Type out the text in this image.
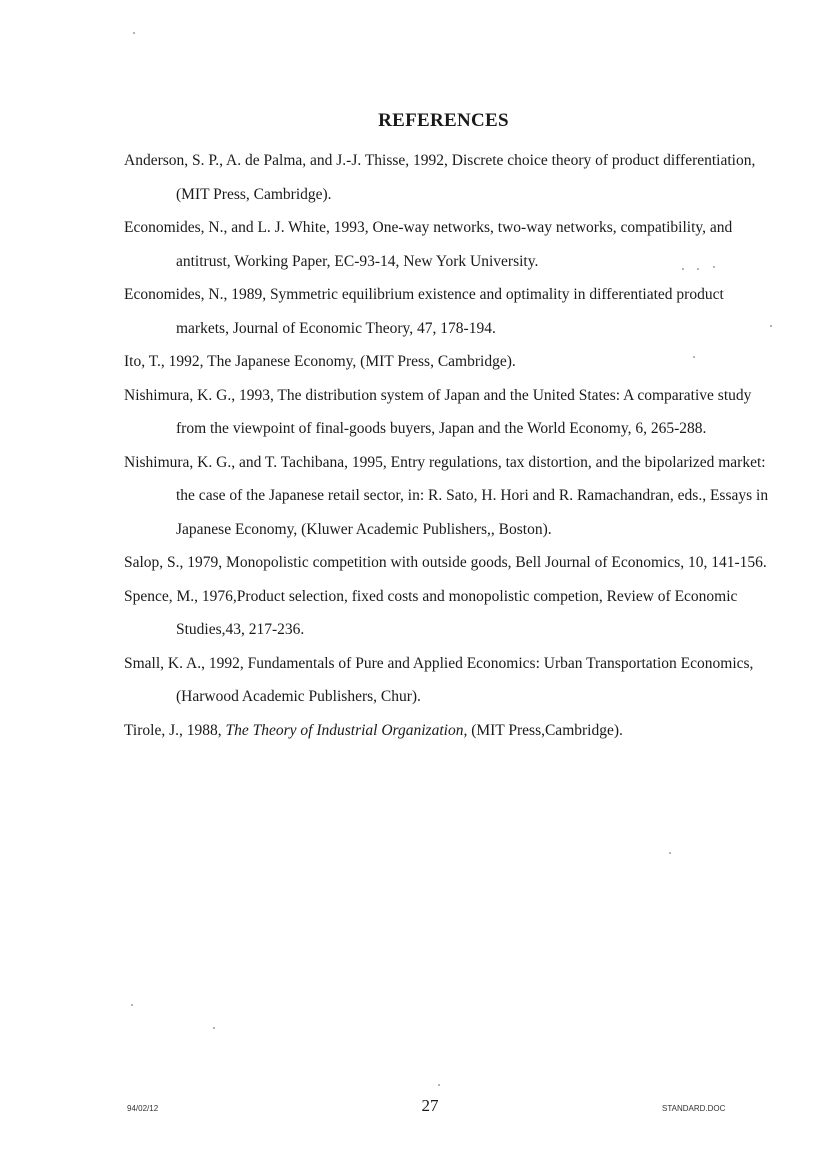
REFERENCES

Anderson, S. P., A. de Palma, and J.-J. Thisse, 1992, Discrete choice theory of product differentiation, (MIT Press, Cambridge).

Economides, N., and L. J. White, 1993, One-way networks, two-way networks, compatibility, and antitrust, Working Paper, EC-93-14, New York University.

Economides, N., 1989, Symmetric equilibrium existence and optimality in differentiated product markets, Journal of Economic Theory, 47, 178-194.

Ito, T., 1992, The Japanese Economy, (MIT Press, Cambridge).

Nishimura, K. G., 1993, The distribution system of Japan and the United States: A comparative study from the viewpoint of final-goods buyers, Japan and the World Economy, 6, 265-288.

Nishimura, K. G., and T. Tachibana, 1995, Entry regulations, tax distortion, and the bipolarized market: the case of the Japanese retail sector, in: R. Sato, H. Hori and R. Ramachandran, eds., Essays in Japanese Economy, (Kluwer Academic Publishers,, Boston).

Salop, S., 1979, Monopolistic competition with outside goods, Bell Journal of Economics, 10, 141-156.

Spence, M., 1976,Product selection, fixed costs and monopolistic competion, Review of Economic Studies,43, 217-236.

Small, K. A., 1992, Fundamentals of Pure and Applied Economics: Urban Transportation Economics, (Harwood Academic Publishers, Chur).

Tirole, J., 1988, The Theory of Industrial Organization, (MIT Press,Cambridge).

94/02/12	27	STANDARD.DOC
